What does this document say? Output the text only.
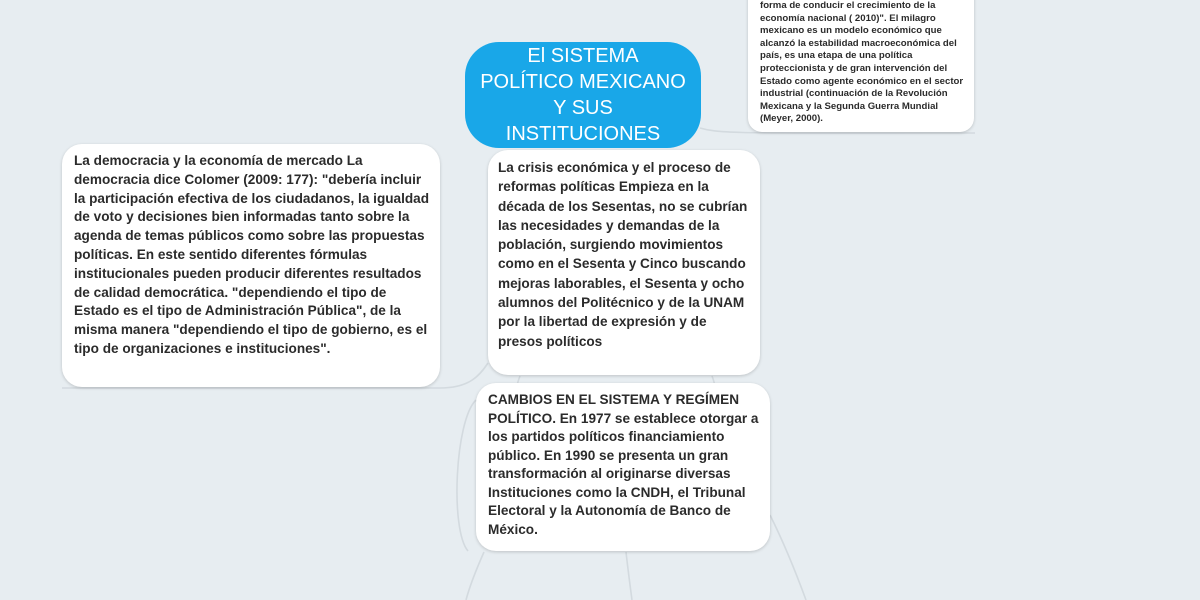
El SISTEMA POLÍTICO MEXICANO Y SUS INSTITUCIONES
forma de conducir el crecimiento de la economía nacional ( 2010)". El milagro mexicano es un modelo económico que alcanzó la estabilidad macroeconómica del país, es una etapa de una política proteccionista y de gran intervención del Estado como agente económico en el sector industrial (continuación de la Revolución Mexicana y la Segunda Guerra Mundial (Meyer, 2000).
La democracia y la economía de mercado La democracia dice Colomer (2009: 177): "debería incluir la participación efectiva de los ciudadanos, la igualdad de voto y decisiones bien informadas tanto sobre la agenda de temas públicos como sobre las propuestas políticas. En este sentido diferentes fórmulas institucionales pueden producir diferentes resultados de calidad democrática. "dependiendo el tipo de Estado es el tipo de Administración Pública", de la misma manera "dependiendo el tipo de gobierno, es el tipo de organizaciones e instituciones".
La crisis económica y el proceso de reformas políticas Empieza en la década de los Sesentas, no se cubrían las necesidades y demandas de la población, surgiendo movimientos como en el Sesenta y Cinco buscando mejoras laborables, el Sesenta y ocho alumnos del Politécnico y de la UNAM por la libertad de expresión y de presos políticos
CAMBIOS EN EL SISTEMA Y REGÍMEN POLÍTICO. En 1977 se establece otorgar a los partidos políticos financiamiento público. En 1990 se presenta un gran transformación al originarse diversas Instituciones como la CNDH, el Tribunal Electoral y la Autonomía de Banco de México.
